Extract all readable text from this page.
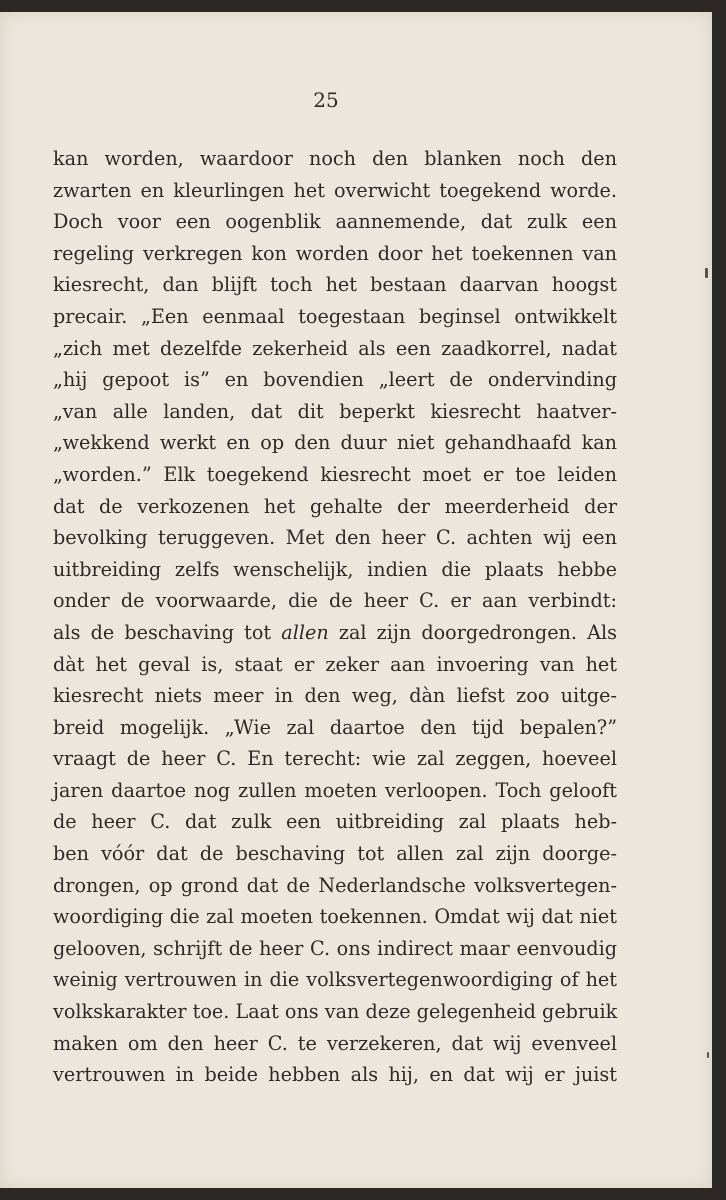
25
kan worden, waardoor noch den blanken noch den
zwarten en kleurlingen het overwicht toegekend worde.
Doch voor een oogenblik aannemende, dat zulk een
regeling verkregen kon worden door het toekennen van
kiesrecht, dan blijft toch het bestaan daarvan hoogst
precair. „Een eenmaal toegestaan beginsel ontwikkelt
„zich met dezelfde zekerheid als een zaadkorrel, nadat
„hij gepoot is” en bovendien „leert de ondervinding
„van alle landen, dat dit beperkt kiesrecht haatver-
„wekkend werkt en op den duur niet gehandhaafd kan
„worden.” Elk toegekend kiesrecht moet er toe leiden
dat de verkozenen het gehalte der meerderheid der
bevolking teruggeven. Met den heer C. achten wij een
uitbreiding zelfs wenschelijk, indien die plaats hebbe
onder de voorwaarde, die de heer C. er aan verbindt:
als de beschaving tot allen zal zijn doorgedrongen. Als
dàt het geval is, staat er zeker aan invoering van het
kiesrecht niets meer in den weg, dàn liefst zoo uitge-
breid mogelijk. „Wie zal daartoe den tijd bepalen?”
vraagt de heer C. En terecht: wie zal zeggen, hoeveel
jaren daartoe nog zullen moeten verloopen. Toch gelooft
de heer C. dat zulk een uitbreiding zal plaats heb-
ben vóór dat de beschaving tot allen zal zijn doorge-
drongen, op grond dat de Nederlandsche volksvertegen-
woordiging die zal moeten toekennen. Omdat wij dat niet
gelooven, schrijft de heer C. ons indirect maar eenvoudig
weinig vertrouwen in die volksvertegenwoordiging of het
volkskarakter toe. Laat ons van deze gelegenheid gebruik
maken om den heer C. te verzekeren, dat wij evenveel
vertrouwen in beide hebben als hij, en dat wij er juist
